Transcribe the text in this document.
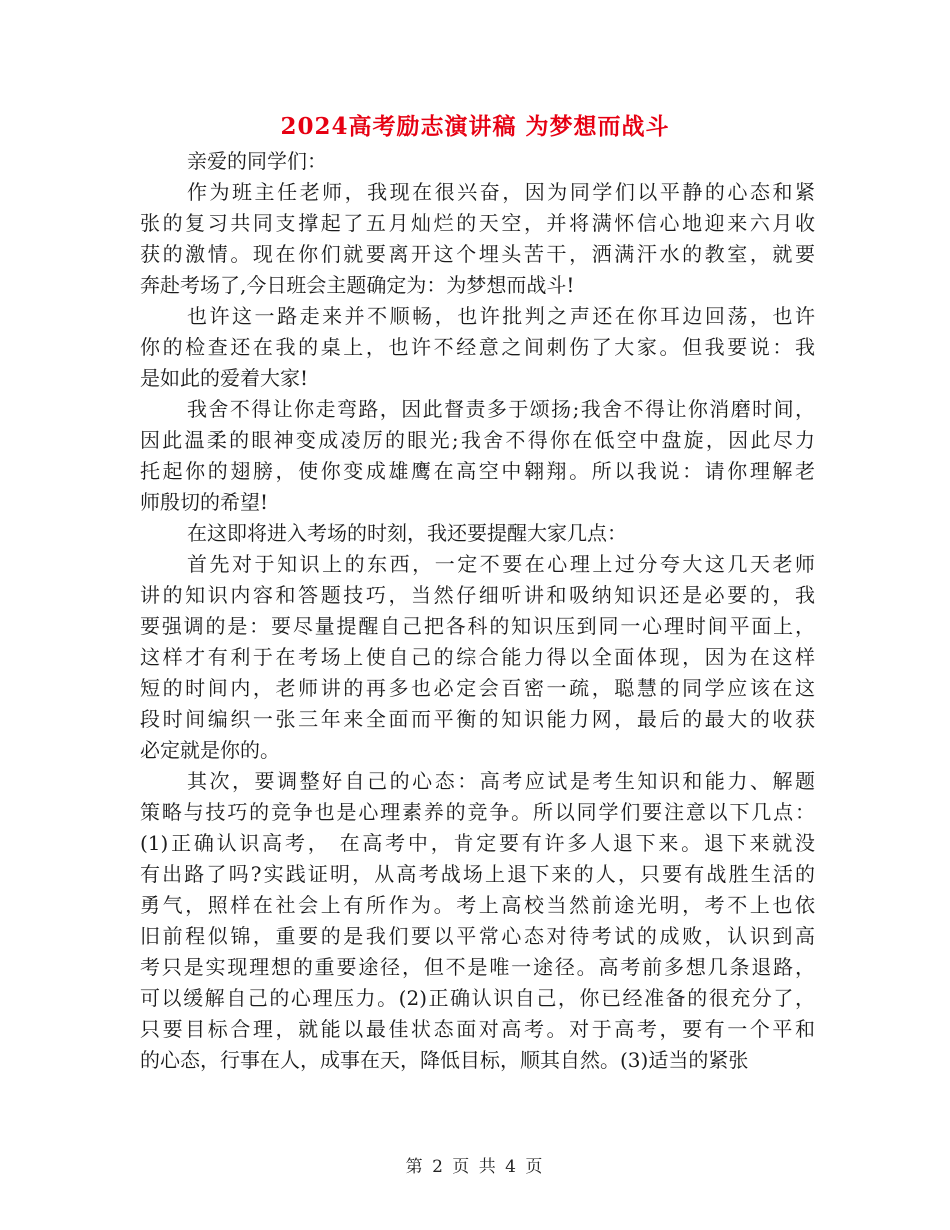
2024高考励志演讲稿 为梦想而战斗
亲爱的同学们：
作为班主任老师，我现在很兴奋，因为同学们以平静的心态和紧
张的复习共同支撑起了五月灿烂的天空，并将满怀信心地迎来六月收
获的激情。现在你们就要离开这个埋头苦干，洒满汗水的教室，就要
奔赴考场了,今日班会主题确定为：为梦想而战斗!
也许这一路走来并不顺畅，也许批判之声还在你耳边回荡，也许
你的检查还在我的桌上，也许不经意之间刺伤了大家。但我要说：我
是如此的爱着大家!
我舍不得让你走弯路，因此督责多于颂扬;我舍不得让你消磨时间，
因此温柔的眼神变成凌厉的眼光;我舍不得你在低空中盘旋，因此尽力
托起你的翅膀，使你变成雄鹰在高空中翱翔。所以我说：请你理解老
师殷切的希望!
在这即将进入考场的时刻，我还要提醒大家几点：
首先对于知识上的东西，一定不要在心理上过分夸大这几天老师
讲的知识内容和答题技巧，当然仔细听讲和吸纳知识还是必要的，我
要强调的是：要尽量提醒自己把各科的知识压到同一心理时间平面上，
这样才有利于在考场上使自己的综合能力得以全面体现，因为在这样
短的时间内，老师讲的再多也必定会百密一疏，聪慧的同学应该在这
段时间编织一张三年来全面而平衡的知识能力网，最后的最大的收获
必定就是你的。
其次，要调整好自己的心态：高考应试是考生知识和能力、解题
策略与技巧的竞争也是心理素养的竞争。所以同学们要注意以下几点：
(1)正确认识高考， 在高考中，肯定要有许多人退下来。退下来就没
有出路了吗?实践证明，从高考战场上退下来的人，只要有战胜生活的
勇气，照样在社会上有所作为。考上高校当然前途光明，考不上也依
旧前程似锦，重要的是我们要以平常心态对待考试的成败，认识到高
考只是实现理想的重要途径，但不是唯一途径。高考前多想几条退路，
可以缓解自己的心理压力。(2)正确认识自己，你已经准备的很充分了，
只要目标合理，就能以最佳状态面对高考。对于高考，要有一个平和
的心态，行事在人，成事在天，降低目标，顺其自然。(3)适当的紧张
第 2 页 共 4 页
